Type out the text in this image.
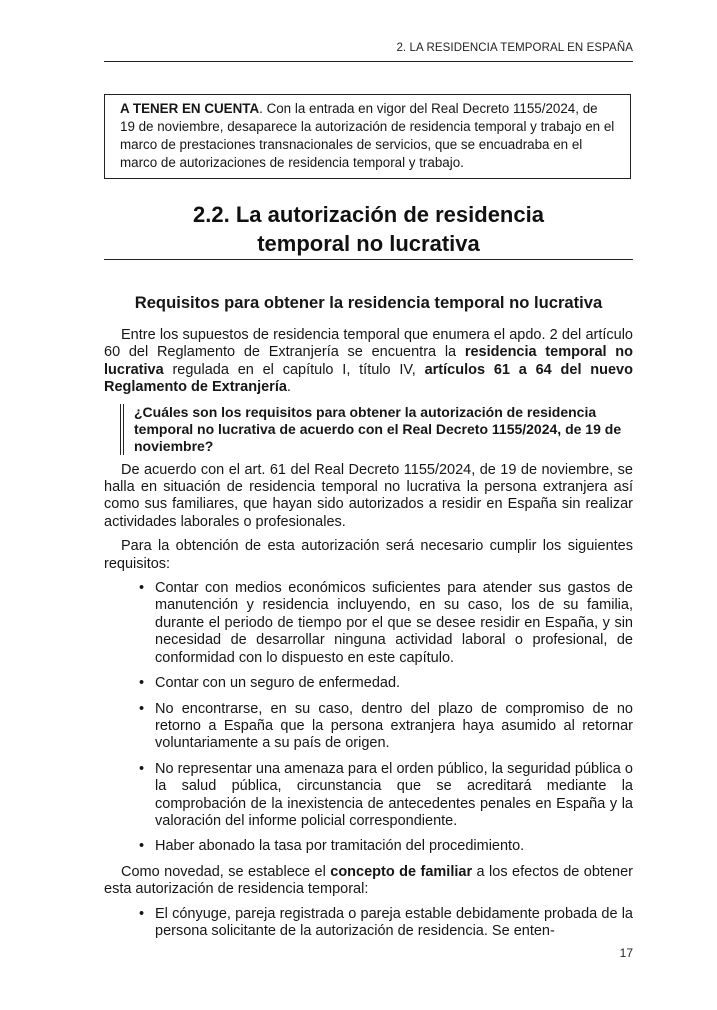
2. LA RESIDENCIA TEMPORAL EN ESPAÑA
A TENER EN CUENTA. Con la entrada en vigor del Real Decreto 1155/2024, de 19 de noviembre, desaparece la autorización de residencia temporal y trabajo en el marco de prestaciones transnacionales de servicios, que se encuadraba en el marco de autorizaciones de residencia temporal y trabajo.
2.2. La autorización de residencia
temporal no lucrativa
Requisitos para obtener la residencia temporal no lucrativa

Entre los supuestos de residencia temporal que enumera el apdo. 2 del artículo 60 del Reglamento de Extranjería se encuentra la residencia temporal no lucrativa regulada en el capítulo I, título IV, artículos 61 a 64 del nuevo Reglamento de Extranjería.

¿Cuáles son los requisitos para obtener la autorización de residencia temporal no lucrativa de acuerdo con el Real Decreto 1155/2024, de 19 de noviembre?

De acuerdo con el art. 61 del Real Decreto 1155/2024, de 19 de noviembre, se halla en situación de residencia temporal no lucrativa la persona extranjera así como sus familiares, que hayan sido autorizados a residir en España sin realizar actividades laborales o profesionales.

Para la obtención de esta autorización será necesario cumplir los siguientes requisitos:

• Contar con medios económicos suficientes para atender sus gastos de manutención y residencia incluyendo, en su caso, los de su familia, durante el periodo de tiempo por el que se desee residir en España, y sin necesidad de desarrollar ninguna actividad laboral o profesional, de conformidad con lo dispuesto en este capítulo.
• Contar con un seguro de enfermedad.
• No encontrarse, en su caso, dentro del plazo de compromiso de no retorno a España que la persona extranjera haya asumido al retornar voluntariamente a su país de origen.
• No representar una amenaza para el orden público, la seguridad pública o la salud pública, circunstancia que se acreditará mediante la comprobación de la inexistencia de antecedentes penales en España y la valoración del informe policial correspondiente.
• Haber abonado la tasa por tramitación del procedimiento.

Como novedad, se establece el concepto de familiar a los efectos de obtener esta autorización de residencia temporal:

• El cónyuge, pareja registrada o pareja estable debidamente probada de la persona solicitante de la autorización de residencia. Se enten-
17
